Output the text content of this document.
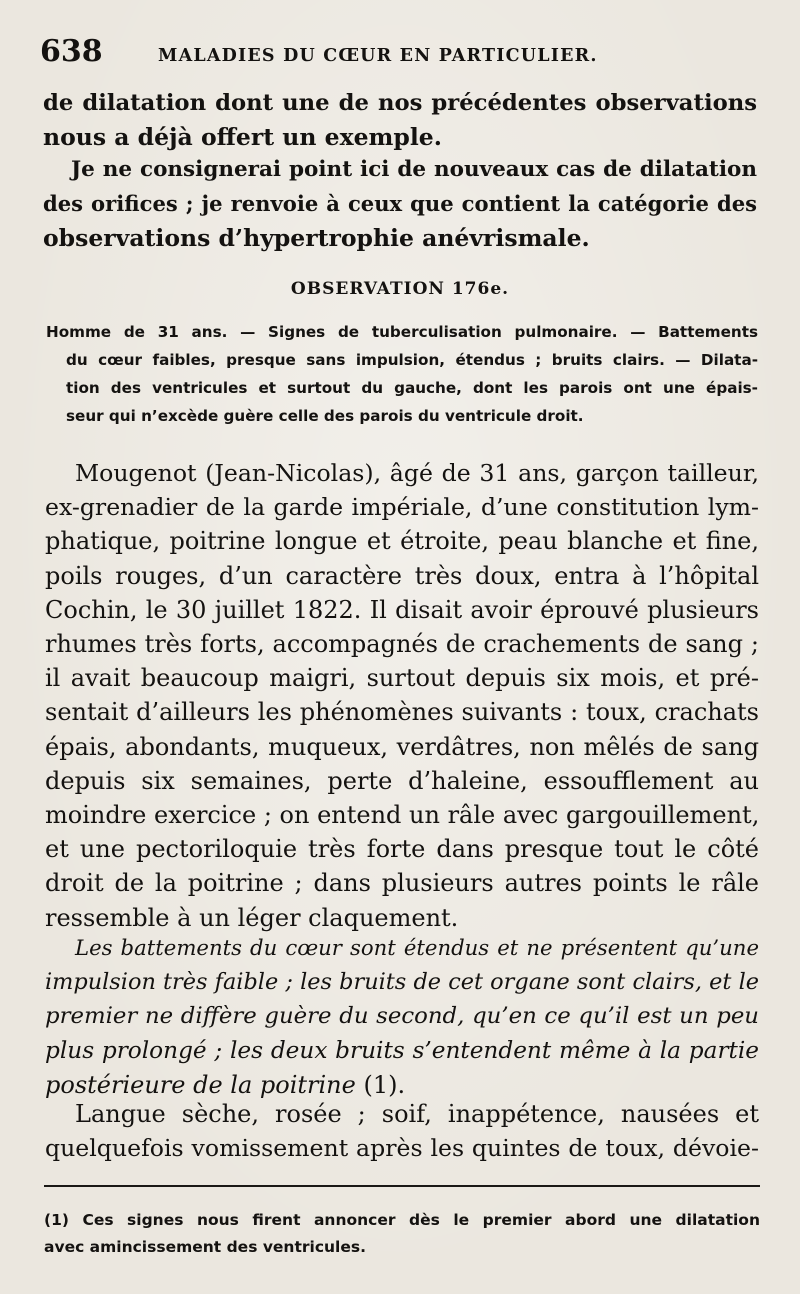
638	MALADIES DU CŒUR EN PARTICULIER.
de dilatation dont une de nos précédentes observations
nous a déjà offert un exemple.
Je ne consignerai point ici de nouveaux cas de dilatation
des orifices ; je renvoie à ceux que contient la catégorie des
observations d’hypertrophie anévrismale.
OBSERVATION 176e.
Homme de 31 ans. — Signes de tuberculisation pulmonaire. — Battements
du cœur faibles, presque sans impulsion, étendus ; bruits clairs. — Dilata-
tion des ventricules et surtout du gauche, dont les parois ont une épais-
seur qui n’excède guère celle des parois du ventricule droit.
Mougenot (Jean-Nicolas), âgé de 31 ans, garçon tailleur,
ex-grenadier de la garde impériale, d’une constitution lym-
phatique, poitrine longue et étroite, peau blanche et fine,
poils rouges, d’un caractère très doux, entra à l’hôpital
Cochin, le 30 juillet 1822. Il disait avoir éprouvé plusieurs
rhumes très forts, accompagnés de crachements de sang ;
il avait beaucoup maigri, surtout depuis six mois, et pré-
sentait d’ailleurs les phénomènes suivants : toux, crachats
épais, abondants, muqueux, verdâtres, non mêlés de sang
depuis six semaines, perte d’haleine, essoufflement au
moindre exercice ; on entend un râle avec gargouillement,
et une pectoriloquie très forte dans presque tout le côté
droit de la poitrine ; dans plusieurs autres points le râle
ressemble à un léger claquement.
Les battements du cœur sont étendus et ne présentent qu’une
impulsion très faible ; les bruits de cet organe sont clairs, et le
premier ne diffère guère du second, qu’en ce qu’il est un peu
plus prolongé ; les deux bruits s’entendent même à la partie
postérieure de la poitrine (1).
Langue sèche, rosée ; soif, inappétence, nausées et
quelquefois vomissement après les quintes de toux, dévoie-
(1) Ces signes nous firent annoncer dès le premier abord une dilatation
avec amincissement des ventricules.
